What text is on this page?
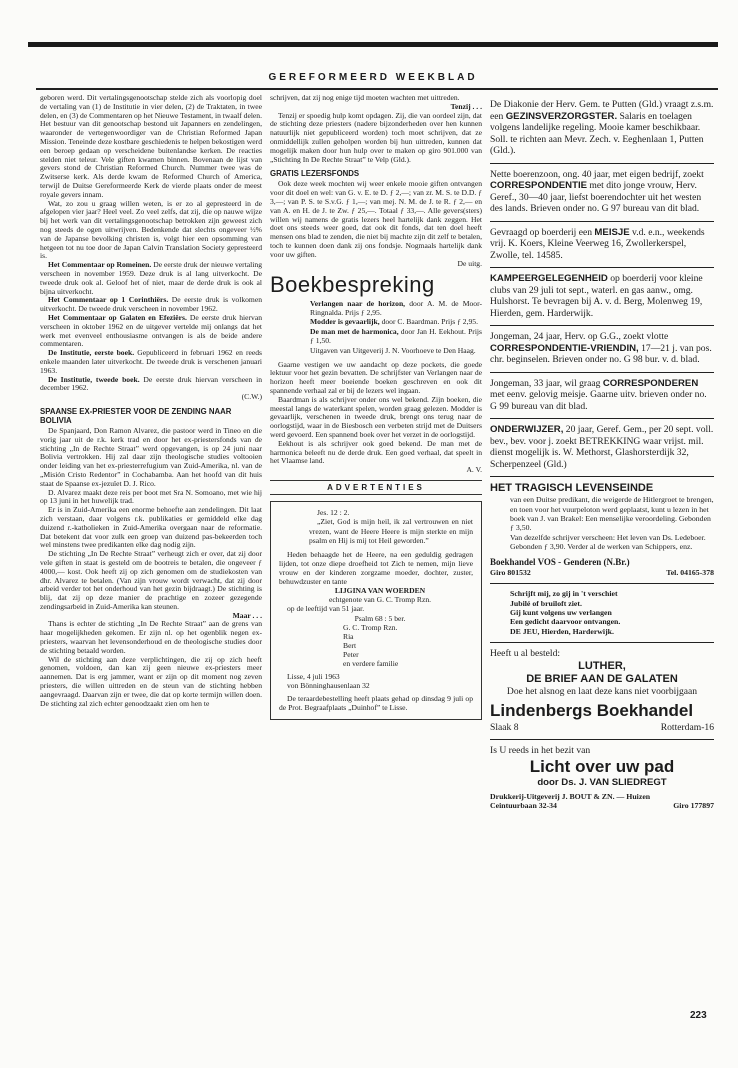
GEREFORMEERD WEEKBLAD

geboren werd. Dit vertalingsgenootschap stelde zich als voorlopig doel de vertaling van (1) de Institutie in vier delen, (2) de Traktaten, in twee delen, en (3) de Commentaren op het Nieuwe Testament, in twaalf delen. Het bestuur van dit genootschap bestond uit Japanners en zendelingen, waaronder de vertegenwoordiger van de Christian Reformed Japan Mission. Teneinde deze kostbare geschiedenis te helpen bekostigen werd een beroep gedaan op verscheidene buitenlandse kerken. De reacties stelden niet teleur. Vele giften kwamen binnen. Bovenaan de lijst van gevers stond de Christian Reformed Church. Nummer twee was de Zwitserse kerk. Als derde kwam de Reformed Church of America, terwijl de Duitse Gereformeerde Kerk de vierde plaats onder de meest royale gevers innam.

Wat, zo zou u graag willen weten, is er zo al gepresteerd in de afgelopen vier jaar? Heel veel. Zo veel zelfs, dat zij, die op nauwe wijze bij het werk van dit vertalingsgenootschap betrokken zijn geweest zich nog steeds de ogen uitwrijven. Bedenkende dat slechts ongeveer ½% van de Japanse bevolking christen is, volgt hier een opsomming van hetgeen tot nu toe door de Japan Calvin Translation Society gepresteerd is.

Het Commentaar op Romeinen. De eerste druk der nieuwe vertaling verscheen in november 1959. Deze druk is al lang uitverkocht. De tweede druk ook al. Geloof het of niet, maar de derde druk is ook al bijna uitverkocht.

Het Commentaar op 1 Corinthiërs. De eerste druk is volkomen uitverkocht. De tweede druk verscheen in november 1962.

Het Commentaar op Galaten en Efeziërs. De eerste druk hiervan verscheen in oktober 1962 en de uitgever vertelde mij onlangs dat het werk met evenveel enthousiasme ontvangen is als de beide andere commentaren.

De Institutie, eerste boek. Gepubliceerd in februari 1962 en reeds enkele maanden later uitverkocht. De tweede druk is verschenen januari 1963.

De Institutie, tweede boek. De eerste druk hiervan verscheen in december 1962.

(C.W.)
SPAANSE EX-PRIESTER VOOR DE ZENDING NAAR BOLIVIA

De Spanjaard, Don Ramon Alvarez, die pastoor werd in Tineo en die vorig jaar uit de r.k. kerk trad en door het ex-priestersfonds van de stichting „In de Rechte Straat” werd opgevangen, is op 24 juni naar Bolivia vertrokken. Hij zal daar zijn theologische studies voltooien onder leiding van het ex-priesterrefugium van Zuid-Amerika, nl. van de „Misión Cristo Redentor” in Cochabamba. Aan het hoofd van dit huis staat de Spaanse ex-jezuïet D. J. Rico.

D. Alvarez maakt deze reis per boot met Sra N. Somoano, met wie hij op 13 juni in het huwelijk trad.

Er is in Zuid-Amerika een enorme behoefte aan zendelingen. Dit laat zich verstaan, daar volgens r.k. publikaties er gemiddeld elke dag duizend r.-katholieken in Zuid-Amerika overgaan naar de reformatie. Dat betekent dat voor zulk een groep van duizend pas-bekeerden toch wel minstens twee predikanten elke dag nodig zijn.

De stichting „In De Rechte Straat” verheugt zich er over, dat zij door vele giften in staat is gesteld om de bootreis te betalen, die ongeveer ƒ 4000,— kost. Ook heeft zij op zich genomen om de studiekosten van dhr. Alvarez te betalen. (Van zijn vrouw wordt verwacht, dat zij door arbeid verder tot het onderhoud van het gezin bijdraagt.) De stichting is blij, dat zij op deze manier de prachtige en zozeer gezegende zendingsarbeid in Zuid-Amerika kan steunen.

Maar . . .

Thans is echter de stichting „In De Rechte Straat” aan de grens van haar mogelijkheden gekomen. Er zijn nl. op het ogenblik negen ex-priesters, waarvan het levensonderhoud en de theologische studies door de stichting betaald worden.

Wil de stichting aan deze verplichtingen, die zij op zich heeft genomen, voldoen, dan kan zij geen nieuwe ex-priesters meer aannemen. Dat is erg jammer, want er zijn op dit moment nog zeven priesters, die willen uittreden en de steun van de stichting hebben aangevraagd. Daarvan zijn er twee, die dat op korte termijn willen doen. De stichting zal zich echter genoodzaakt zien om hen te

schrijven, dat zij nog enige tijd moeten wachten met uittreden.

Tenzij . . .

Tenzij er spoedig hulp komt opdagen. Zij, die van oordeel zijn, dat de stichting deze priesters (nadere bijzonderheden over hen kunnen natuurlijk niet gepubliceerd worden) toch moet schrijven, dat ze onmiddellijk zullen geholpen worden bij hun uittreden, kunnen dat mogelijk maken door hun hulp over te maken op giro 901.000 van „Stichting In De Rechte Straat” te Velp (Gld.).

GRATIS LEZERSFONDS

Ook deze week mochten wij weer enkele mooie giften ontvangen voor dit doel en wel: van G. v. E. te D. ƒ 2,—; van zr. M. S. te D.D. ƒ 3,—; van P. S. te S.v.G. ƒ 1,—; van mej. N. M. de J. te R. ƒ 2,— en van A. en H. de J. te Zw. ƒ 25,—. Totaal ƒ 33,—. Alle gevers(sters) willen wij namens de gratis lezers heel hartelijk dank zeggen. Het doet ons steeds weer goed, dat ook dit fonds, dat ten doel heeft mensen ons blad te zenden, die niet bij machte zijn dit zelf te betalen, toch te kunnen doen dank zij ons fondsje. Nogmaals hartelijk dank voor uw giften.

De uitg.
Boekbespreking
Verlangen naar de horizon, door A. M. de Moor-Ringnalda. Prijs ƒ 2,95.
Modder is gevaarlijk, door C. Baardman. Prijs ƒ 2,95.
De man met de harmonica, door Jan H. Eekhout. Prijs ƒ 1,50.
Uitgaven van Uitgeverij J. N. Voorhoeve te Den Haag.

Gaarne vestigen we uw aandacht op deze pockets, die goede lektuur voor het gezin bevatten. De schrijfster van Verlangen naar de horizon heeft meer boeiende boeken geschreven en ook dit spannende verhaal zal er bij de lezers wel ingaan.

Baardman is als schrijver onder ons wel bekend. Zijn boeken, die meestal langs de waterkant spelen, worden graag gelezen. Modder is gevaarlijk, verschenen in tweede druk, brengt ons terug naar de oorlogstijd, waar in de Biesbosch een verbeten strijd met de Duitsers werd gevoerd. Een spannend boek over het verzet in de oorlogstijd.

Eekhout is als schrijver ook goed bekend. De man met de harmonica beleeft nu de derde druk. Een goed verhaal, dat speelt in het Vlaamse land.

A. V.
ADVERTENTIES

Jes. 12 : 2.

„Ziet, God is mijn heil, ik zal vertrouwen en niet vrezen, want de Heere Heere is mijn sterkte en mijn psalm en Hij is mij tot Heil geworden.”

Heden behaagde het de Heere, na een geduldig gedragen lijden, tot onze diepe droefheid tot Zich te nemen, mijn lieve vrouw en der kinderen zorgzame moeder, dochter, zuster, behuwdzuster en tante

LIJGINA VAN WOERDEN

echtgenote van G. C. Tromp Rzn.

op de leeftijd van 51 jaar.

Psalm 68 : 5 ber.

G. C. Tromp Rzn.

Ria

Bert

Peter

en verdere familie

Lisse, 4 juli 1963

von Bönninghausenlaan 32

De teraardebestelling heeft plaats gehad op dinsdag 9 juli op de Prot. Begraafplaats „Duinhof” te Lisse.

De Diakonie der Herv. Gem. te Putten (Gld.) vraagt z.s.m. een GEZINSVERZORGSTER. Salaris en toelagen volgens landelijke regeling. Mooie kamer beschikbaar. Soll. te richten aan Mevr. Zech. v. Eeghenlaan 1, Putten (Gld.).
Nette boerenzoon, ong. 40 jaar, met eigen bedrijf, zoekt CORRESPONDENTIE met dito jonge vrouw, Herv. Geref., 30—40 jaar, liefst boerendochter uit het westen des lands. Brieven onder no. G 97 bureau van dit blad.
Gevraagd op boerderij een MEISJE v.d. e.n., weekends vrij. K. Koers, Kleine Veerweg 16, Zwollerkerspel, Zwolle, tel. 14585.
KAMPEERGELEGENHEID op boerderij voor kleine clubs van 29 juli tot sept., waterl. en gas aanw., omg. Hulshorst. Te bevragen bij A. v. d. Berg, Molenweg 19, Hierden, gem. Harderwijk.
Jongeman, 24 jaar, Herv. op G.G., zoekt vlotte CORRESPONDENTIE-VRIENDIN, 17—21 j. van pos. chr. beginselen. Brieven onder no. G 98 bur. v. d. blad.
Jongeman, 33 jaar, wil graag CORRESPONDEREN met eenv. gelovig meisje. Gaarne uitv. brieven onder no. G 99 bureau van dit blad.
ONDERWIJZER, 20 jaar, Geref. Gem., per 20 sept. voll. bev., bev. voor j. zoekt BETREKKING waar vrijst. mil. dienst mogelijk is. W. Methorst, Glashorsterdijk 32, Scherpenzeel (Gld.)
HET TRAGISCH LEVENSEINDE
van een Duitse predikant, die weigerde de Hitlergroet te brengen, en toen voor het vuurpeloton werd geplaatst, kunt u lezen in het boek van J. van Brakel: Een menselijke veroordeling. Gebonden ƒ 3,50.
Van dezelfde schrijver verscheen: Het leven van Ds. Ledeboer. Gebonden ƒ 3,90. Verder al de werken van Schippers, enz.
Boekhandel VOS - Genderen (N.Br.)
Giro 801532	Tel. 04165-378
Schrijft mij, zo gij in 't verschiet
Jubilé of bruiloft ziet.
Gij kunt volgens uw verlangen
Een gedicht daarvoor ontvangen.
DE JEU, Hierden, Harderwijk.
Heeft u al besteld:
LUTHER,
DE BRIEF AAN DE GALATEN
Doe het alsnog en laat deze kans niet voorbijgaan
Lindenbergs Boekhandel
Slaak 8	Rotterdam-16
Is U reeds in het bezit van
Licht over uw pad
door Ds. J. VAN SLIEDREGT
Drukkerij-Uitgeverij J. BOUT & ZN. — Huizen
Ceintuurbaan 32-34	Giro 177897
223
